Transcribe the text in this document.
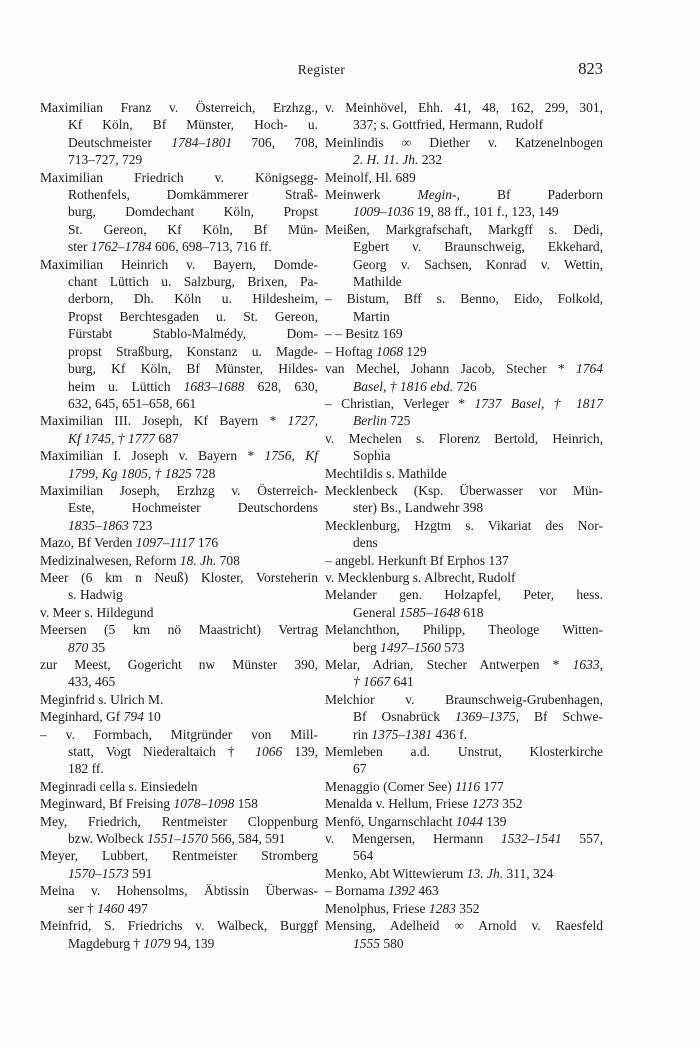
Register	823
Maximilian Franz v. Österreich, Erzhzg.,
Kf Köln, Bf Münster, Hoch- u.
Deutschmeister 1784–1801 706, 708,
713–727, 729
Maximilian Friedrich v. Königsegg-
Rothenfels, Domkämmerer Straß-
burg, Domdechant Köln, Propst
St. Gereon, Kf Köln, Bf Mün-
ster 1762–1784 606, 698–713, 716 ff.
Maximilian Heinrich v. Bayern, Domde-
chant Lüttich u. Salzburg, Brixen, Pa-
derborn, Dh. Köln u. Hildesheim,
Propst Berchtesgaden u. St. Gereon,
Fürstabt Stablo-Malmédy, Dom-
propst Straßburg, Konstanz u. Magde-
burg, Kf Köln, Bf Münster, Hildes-
heim u. Lüttich 1683–1688 628, 630,
632, 645, 651–658, 661
Maximilian III. Joseph, Kf Bayern * 1727,
Kf 1745, † 1777 687
Maximilian I. Joseph v. Bayern * 1756, Kf
1799, Kg 1805, † 1825 728
Maximilian Joseph, Erzhzg v. Österreich-
Este, Hochmeister Deutschordens
1835–1863 723
Mazo, Bf Verden 1097–1117 176
Medizinalwesen, Reform 18. Jh. 708
Meer (6 km n Neuß) Kloster, Vorsteherin
s. Hadwig
v. Meer s. Hildegund
Meersen (5 km nö Maastricht) Vertrag
870 35
zur Meest, Gogericht nw Münster 390,
433, 465
Meginfrid s. Ulrich M.
Meginhard, Gf 794 10
– v. Formbach, Mitgründer von Mill-
statt, Vogt Niederaltaich † 1066 139,
182 ff.
Meginradi cella s. Einsiedeln
Meginward, Bf Freising 1078–1098 158
Mey, Friedrich, Rentmeister Cloppenburg
bzw. Wolbeck 1551–1570 566, 584, 591
Meyer, Lubbert, Rentmeister Stromberg
1570–1573 591
Meina v. Hohensolms, Äbtissin Überwas-
ser † 1460 497
Meinfrid, S. Friedrichs v. Walbeck, Burggf
Magdeburg † 1079 94, 139
v. Meinhövel, Ehh. 41, 48, 162, 299, 301,
337; s. Gottfried, Hermann, Rudolf
Meinlindis ∞ Diether v. Katzenelnbogen
2. H. 11. Jh. 232
Meinolf, Hl. 689
Meinwerk Megin-, Bf Paderborn
1009–1036 19, 88 ff., 101 f., 123, 149
Meißen, Markgrafschaft, Markgff s. Dedi,
Egbert v. Braunschweig, Ekkehard,
Georg v. Sachsen, Konrad v. Wettin,
Mathilde
– Bistum, Bff s. Benno, Eido, Folkold,
Martin
– – Besitz 169
– Hoftag 1068 129
van Mechel, Johann Jacob, Stecher * 1764
Basel, † 1816 ebd. 726
– Christian, Verleger * 1737 Basel, † 1817
Berlin 725
v. Mechelen s. Florenz Bertold, Heinrich,
Sophia
Mechtildis s. Mathilde
Mecklenbeck (Ksp. Überwasser vor Mün-
ster) Bs., Landwehr 398
Mecklenburg, Hzgtm s. Vikariat des Nor-
dens
– angebl. Herkunft Bf Erphos 137
v. Mecklenburg s. Albrecht, Rudolf
Melander gen. Holzapfel, Peter, hess.
General 1585–1648 618
Melanchthon, Philipp, Theologe Witten-
berg 1497–1560 573
Melar, Adrian, Stecher Antwerpen * 1633,
† 1667 641
Melchior v. Braunschweig-Grubenhagen,
Bf Osnabrück 1369–1375, Bf Schwe-
rin 1375–1381 436 f.
Memleben a.d. Unstrut, Klosterkirche
67
Menaggio (Comer See) 1116 177
Menalda v. Hellum, Friese 1273 352
Menfö, Ungarnschlacht 1044 139
v. Mengersen, Hermann 1532–1541 557,
564
Menko, Abt Wittewierum 13. Jh. 311, 324
– Bornama 1392 463
Menolphus, Friese 1283 352
Mensing, Adelheid ∞ Arnold v. Raesfeld
1555 580
